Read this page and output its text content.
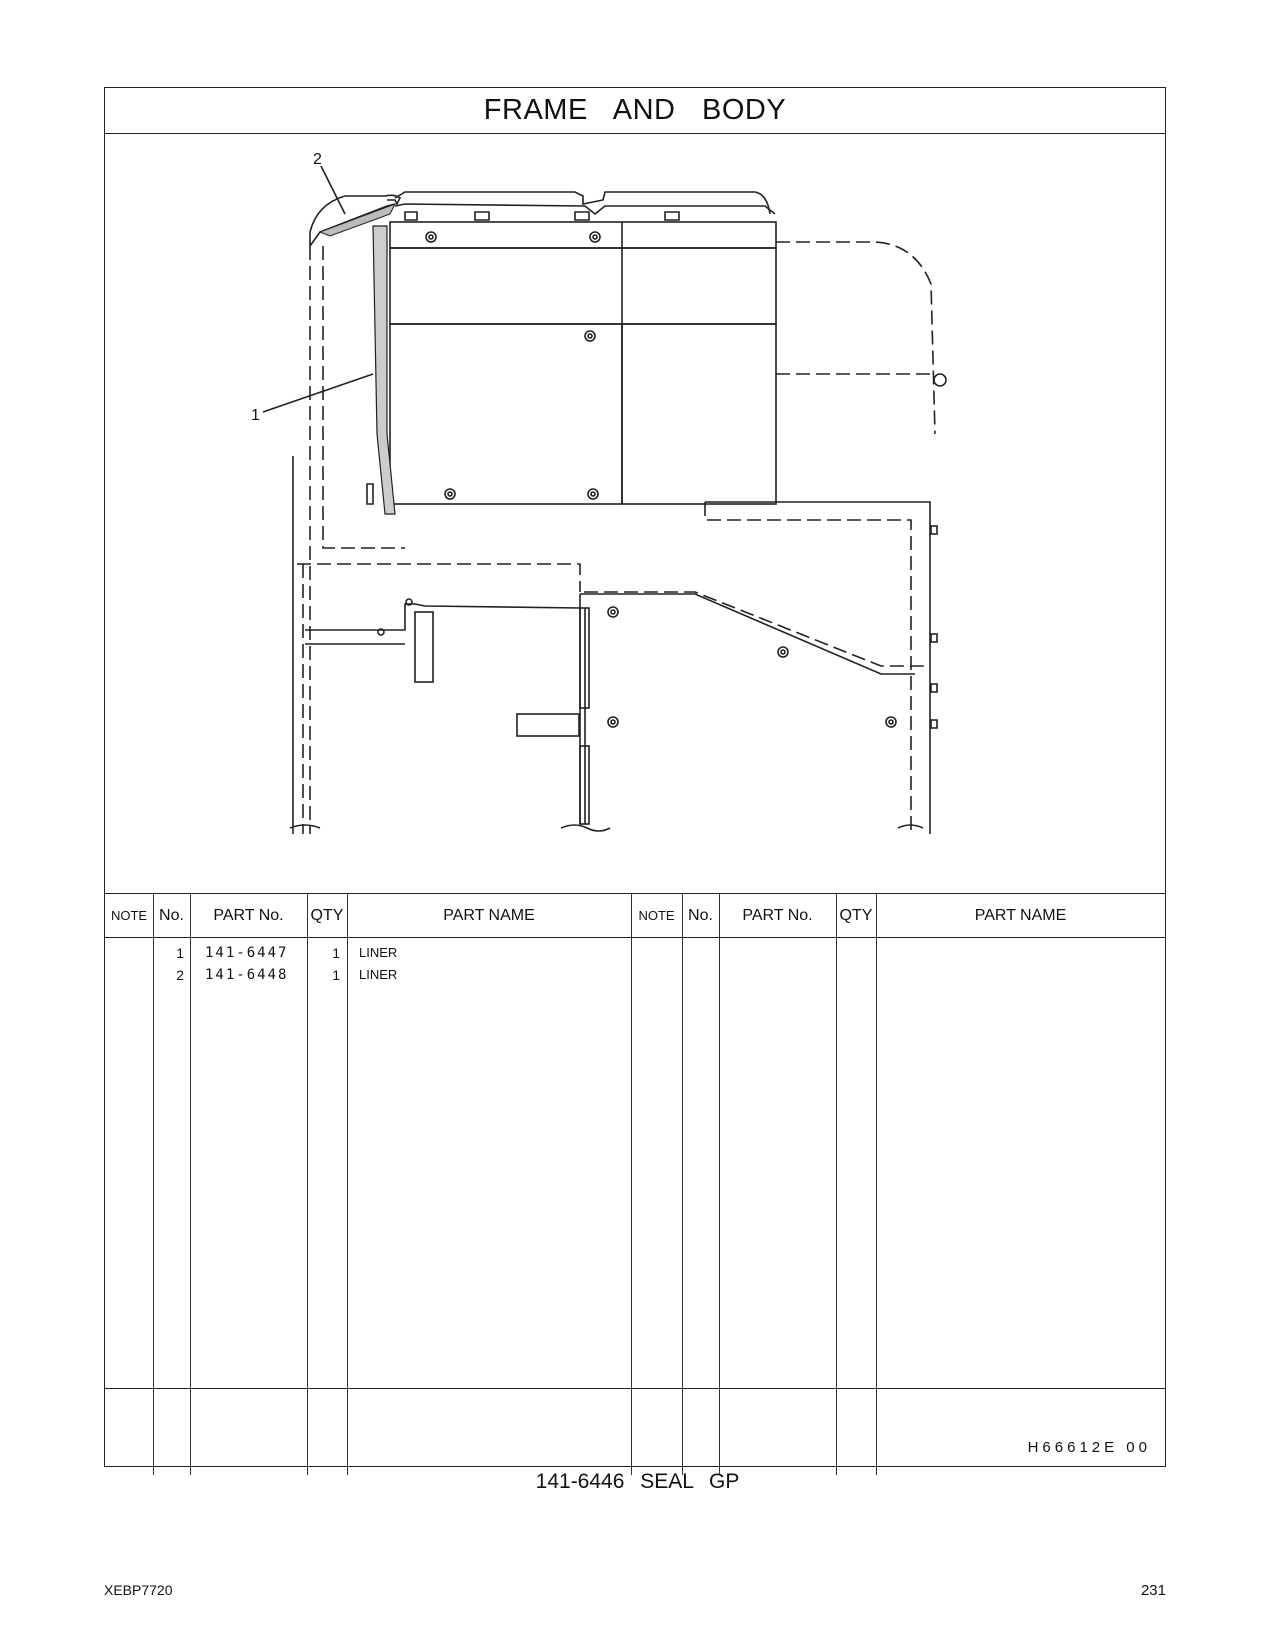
FRAME AND BODY
2
1
NOTE No.	PART No.	QTY	PART NAME	NOTE No.	PART No.	QTY	PART NAME
1 141-6447	1 LINER
2 141-6448	1 LINER
H66612E 00
141-6446 SEAL GP
XEBP7720	231
